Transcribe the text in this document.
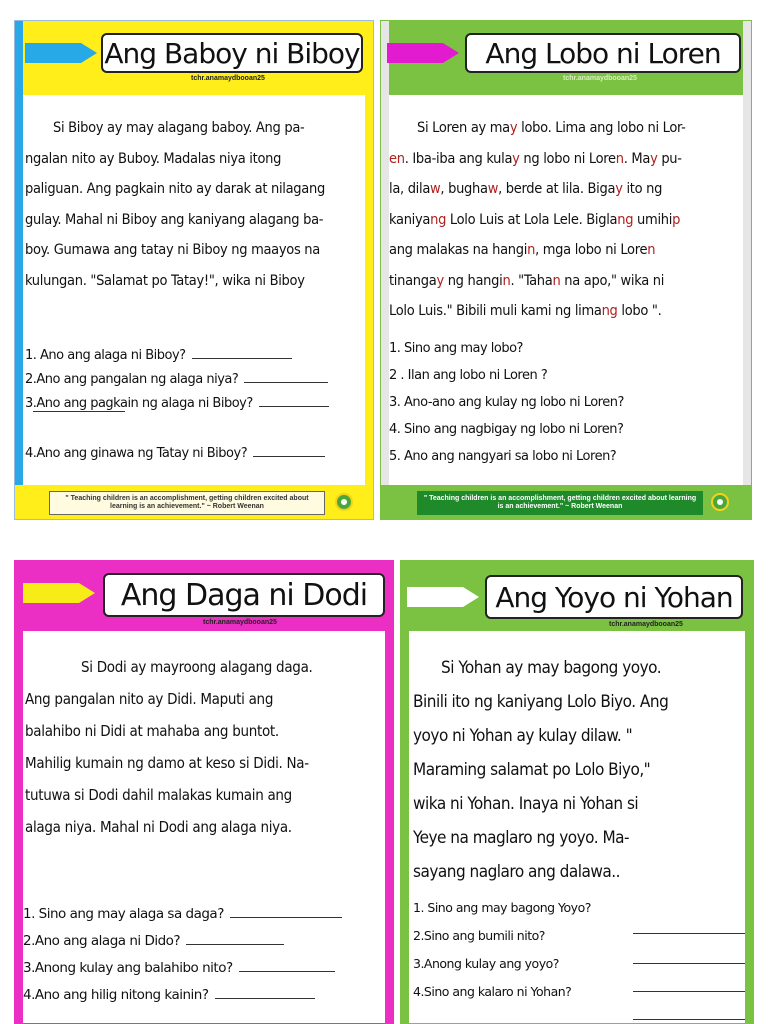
Ang Baboy ni Biboy
tchr.anamaydbooan25
Si Biboy ay may alagang baboy. Ang pa-
ngalan nito ay Buboy. Madalas niya itong
paliguan. Ang pagkain nito ay darak at nilagang
gulay. Mahal ni Biboy ang kaniyang alagang ba-
boy. Gumawa ang tatay ni Biboy ng maayos na
kulungan. "Salamat po Tatay!", wika ni Biboy
1. Ano ang alaga ni Biboy?
2.Ano ang pangalan ng alaga niya?
3.Ano ang pagkain ng alaga ni Biboy?
4.Ano ang ginawa ng Tatay ni Biboy?
" Teaching children is an accomplishment, getting children excited about learning is an achievement." ~ Robert Weenan
Ang Lobo ni Loren
tchr.anamaydbooan25
Si Loren ay may lobo. Lima ang lobo ni Lor-
en. Iba-iba ang kulay ng lobo ni Loren. May pu-
la, dilaw, bughaw, berde at lila. Bigay ito ng
kaniyang Lolo Luis at Lola Lele. Biglang umihip
ang malakas na hangin, mga lobo ni Loren
tinangay ng hangin. "Tahan na apo," wika ni
Lolo Luis." Bibili muli kami ng limang lobo ".
1. Sino ang may lobo?
2 . Ilan ang lobo ni Loren ?
3. Ano-ano ang kulay ng lobo ni Loren?
4. Sino ang nagbigay ng lobo ni Loren?
5. Ano ang nangyari sa lobo ni Loren?
" Teaching children is an accomplishment, getting children excited about learning is an achievement." ~ Robert Weenan
Ang Daga ni Dodi
tchr.anamaydbooan25
Si Dodi ay mayroong alagang daga.
Ang pangalan nito ay Didi. Maputi ang
balahibo ni Didi at mahaba ang buntot.
Mahilig kumain ng damo at keso si Didi. Na-
tutuwa si Dodi dahil malakas kumain ang
alaga niya. Mahal ni Dodi ang alaga niya.
1. Sino ang may alaga sa daga?
2.Ano ang alaga ni Dido?
3.Anong kulay ang balahibo nito?
4.Ano ang hilig nitong kainin?
Ang Yoyo ni Yohan
tchr.anamaydbooan25
Si Yohan ay may bagong yoyo.
Binili ito ng kaniyang Lolo Biyo. Ang
yoyo ni Yohan ay kulay dilaw. "
Maraming salamat po Lolo Biyo,"
wika ni Yohan. Inaya ni Yohan si
Yeye na maglaro ng yoyo. Ma-
sayang naglaro ang dalawa..
1. Sino ang may bagong Yoyo?
2.Sino ang bumili nito?
3.Anong kulay ang yoyo?
4.Sino ang kalaro ni Yohan?
